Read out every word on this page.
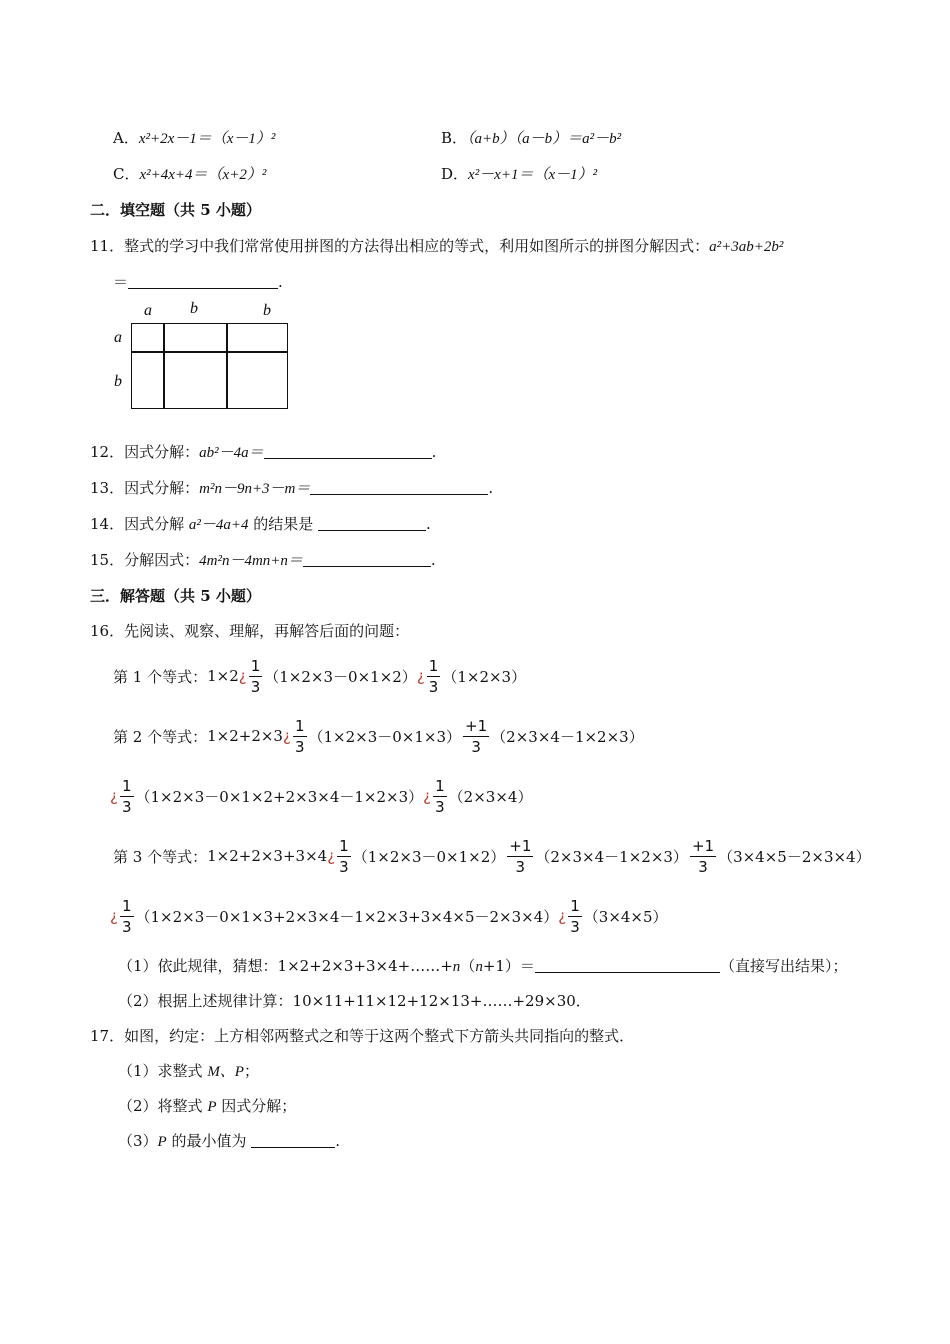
A．x²+2x－1＝（x－1）²	B．（a+b）（a－b）＝a²－b²
C．x²+4x+4＝（x+2）²	D．x²－x+1＝（x－1）²
二．填空题（共 5 小题）
11．整式的学习中我们常常使用拼图的方法得出相应的等式，利用如图所示的拼图分解因式：a²+3ab+2b²
＝	.
a b	b
a
b
12．因式分解：ab²－4a＝	.
13．因式分解：m²n－9n+3－m＝	.
14．因式分解 a²－4a+4 的结果是	.
15．分解因式：4m²n－4mn+n＝	.
三．解答题（共 5 小题）
16．先阅读、观察、理解，再解答后面的问题：
第 1 个等式： 1×2 ¿ $\frac{1}{3} (1\times 2\times 3-0\times 1\times 2)$ ¿ $\frac{1}{3} (1\times 2\times 3)$
第 2 个等式： 1×2+2×3 ¿ $\frac{1}{3} (1\times 2\times 3-0\times 1\times 3) \frac{+1}{3} (2\times 3\times 4-1\times 2\times 3)$
¿ $\frac{1}{3} (1\times 2\times 3-0\times 1\times 2+2\times 3\times 4-1\times 2\times 3)$ ¿ $\frac{1}{3} (2\times 3\times 4)$
第 3 个等式： 1×2+2×3+3×4 ¿ $\frac{1}{3} (1\times 2\times 3-0\times 1\times 2) \frac{+1}{3} (2\times 3\times 4-1\times 2\times 3) \frac{+1}{3} (3\times 4\times 5-2\times 3\times 4)$
¿ $\frac{1}{3} (1\times 2\times 3-0\times 1\times 3+2\times 3\times 4-1\times 2\times 3+3\times 4\times 5-2\times 3\times 4)$ ¿ $\frac{1}{3} (3\times 4\times 5)$
（1）依此规律，猜想：1×2+2×3+3×4+……+n（n+1）＝	（直接写出结果）；
（2）根据上述规律计算：10×11+11×12+12×13+……+29×30．
17．如图，约定：上方相邻两整式之和等于这两个整式下方箭头共同指向的整式．
（1）求整式 M、P；
（2）将整式 P 因式分解；
（3）P 的最小值为	.
